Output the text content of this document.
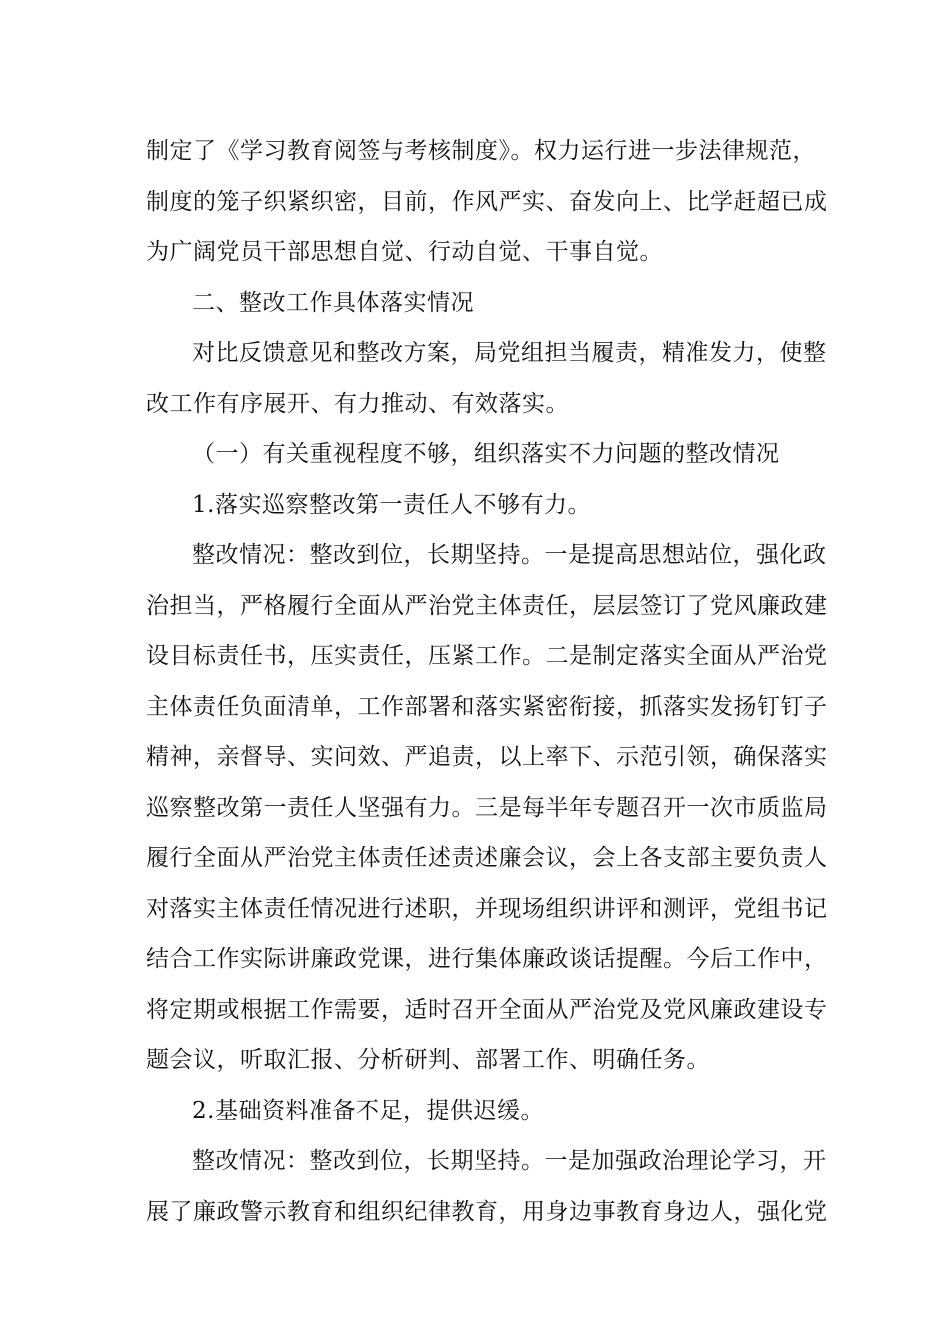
制定了《学习教育阅签与考核制度》。权力运行进一步法律规范，
制度的笼子织紧织密，目前，作风严实、奋发向上、比学赶超已成
为广阔党员干部思想自觉、行动自觉、干事自觉。
二、整改工作具体落实情况
对比反馈意见和整改方案，局党组担当履责，精准发力，使整
改工作有序展开、有力推动、有效落实。
（一）有关重视程度不够，组织落实不力问题的整改情况
1.落实巡察整改第一责任人不够有力。
整改情况：整改到位，长期坚持。一是提高思想站位，强化政
治担当，严格履行全面从严治党主体责任，层层签订了党风廉政建
设目标责任书，压实责任，压紧工作。二是制定落实全面从严治党
主体责任负面清单，工作部署和落实紧密衔接，抓落实发扬钉钉子
精神，亲督导、实问效、严追责，以上率下、示范引领，确保落实
巡察整改第一责任人坚强有力。三是每半年专题召开一次市质监局
履行全面从严治党主体责任述责述廉会议，会上各支部主要负责人
对落实主体责任情况进行述职，并现场组织讲评和测评，党组书记
结合工作实际讲廉政党课，进行集体廉政谈话提醒。今后工作中，
将定期或根据工作需要，适时召开全面从严治党及党风廉政建设专
题会议，听取汇报、分析研判、部署工作、明确任务。
2.基础资料准备不足，提供迟缓。
整改情况：整改到位，长期坚持。一是加强政治理论学习，开
展了廉政警示教育和组织纪律教育，用身边事教育身边人，强化党
